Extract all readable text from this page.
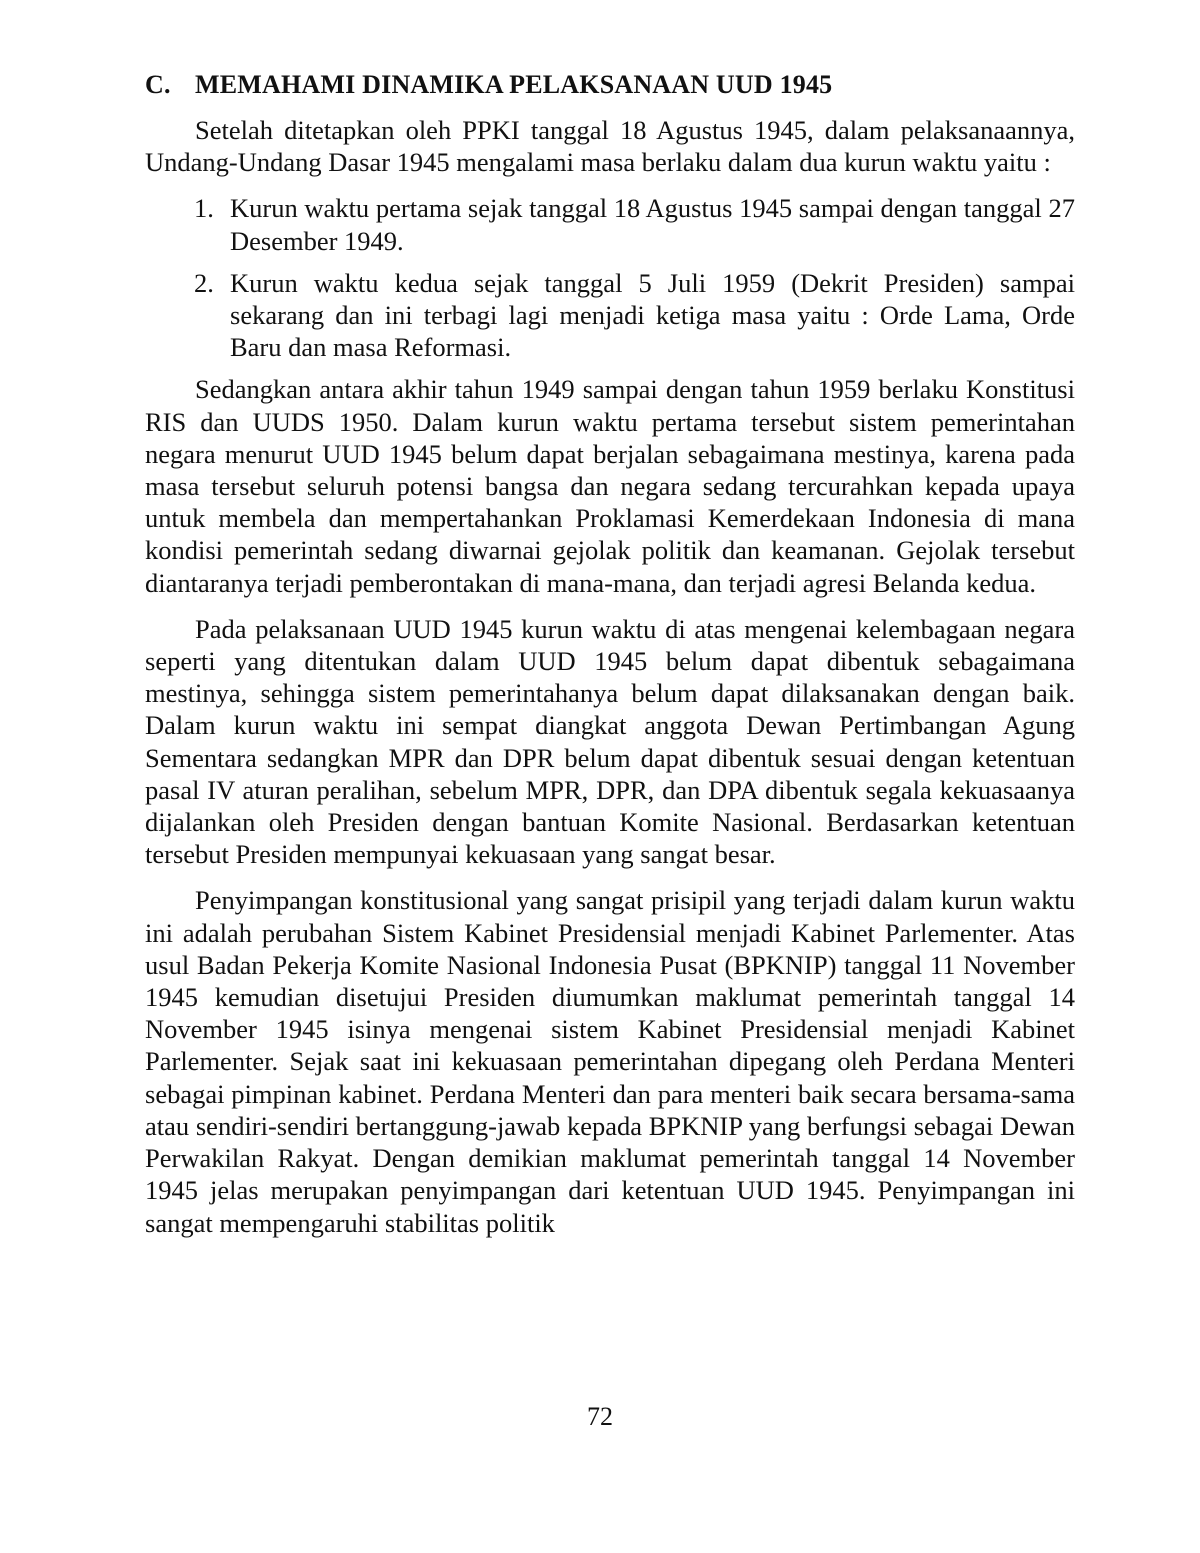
C. MEMAHAMI DINAMIKA PELAKSANAAN UUD 1945

Setelah ditetapkan oleh PPKI tanggal 18 Agustus 1945, dalam pelaksanaannya, Undang-Undang Dasar 1945 mengalami masa berlaku dalam dua kurun waktu yaitu :

1. Kurun waktu pertama sejak tanggal 18 Agustus 1945 sampai dengan tanggal 27 Desember 1949.
2. Kurun waktu kedua sejak tanggal 5 Juli 1959 (Dekrit Presiden) sampai sekarang dan ini terbagi lagi menjadi ketiga masa yaitu : Orde Lama, Orde Baru dan masa Reformasi.

Sedangkan antara akhir tahun 1949 sampai dengan tahun 1959 berlaku Konstitusi RIS dan UUDS 1950. Dalam kurun waktu pertama tersebut sistem pemerintahan negara menurut UUD 1945 belum dapat berjalan sebagaimana mestinya, karena pada masa tersebut seluruh potensi bangsa dan negara sedang tercurahkan kepada upaya untuk membela dan mempertahankan Proklamasi Kemerdekaan Indonesia di mana kondisi pemerintah sedang diwarnai gejolak politik dan keamanan. Gejolak tersebut diantaranya terjadi pemberontakan di mana-mana, dan terjadi agresi Belanda kedua.

Pada pelaksanaan UUD 1945 kurun waktu di atas mengenai kelembagaan negara seperti yang ditentukan dalam UUD 1945 belum dapat dibentuk sebagaimana mestinya, sehingga sistem pemerintahanya belum dapat dilaksanakan dengan baik. Dalam kurun waktu ini sempat diangkat anggota Dewan Pertimbangan Agung Sementara sedangkan MPR dan DPR belum dapat dibentuk sesuai dengan ketentuan pasal IV aturan peralihan, sebelum MPR, DPR, dan DPA dibentuk segala kekuasaanya dijalankan oleh Presiden dengan bantuan Komite Nasional. Berdasarkan ketentuan tersebut Presiden mempunyai kekuasaan yang sangat besar.

Penyimpangan konstitusional yang sangat prisipil yang terjadi dalam kurun waktu ini adalah perubahan Sistem Kabinet Presidensial menjadi Kabinet Parlementer. Atas usul Badan Pekerja Komite Nasional Indonesia Pusat (BPKNIP) tanggal 11 November 1945 kemudian disetujui Presiden diumumkan maklumat pemerintah tanggal 14 November 1945 isinya mengenai sistem Kabinet Presidensial menjadi Kabinet Parlementer. Sejak saat ini kekuasaan pemerintahan dipegang oleh Perdana Menteri sebagai pimpinan kabinet. Perdana Menteri dan para menteri baik secara bersama-sama atau sendiri-sendiri bertanggung-jawab kepada BPKNIP yang berfungsi sebagai Dewan Perwakilan Rakyat. Dengan demikian maklumat pemerintah tanggal 14 November 1945 jelas merupakan penyimpangan dari ketentuan UUD 1945. Penyimpangan ini sangat mempengaruhi stabilitas politik

72
